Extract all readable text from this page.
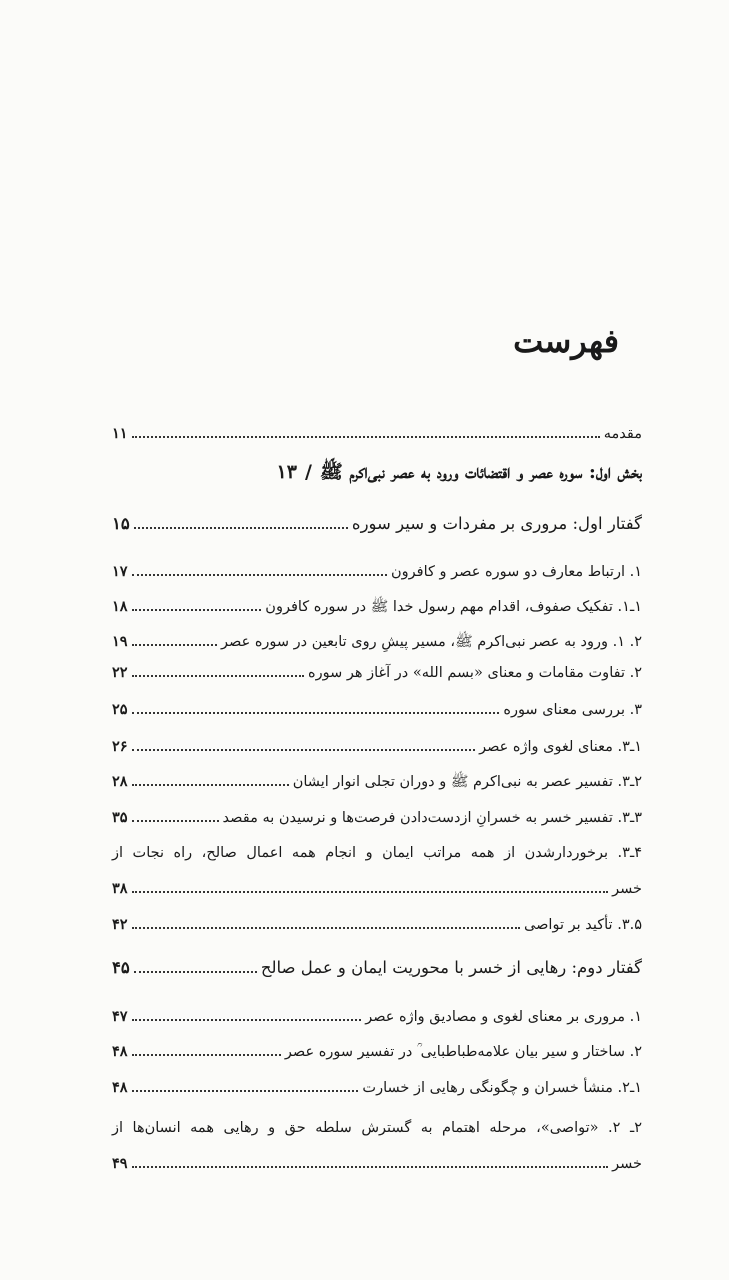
فهرست
مقدمه
۱۱
بخش اول: سوره عصر و اقتضائات ورود به عصر نبی‌اکرم ﷺ
/
۱۳
گفتار اول: مروری بر مفردات و سیر سوره
۱۵
۱. ارتباط معارف دو سوره عصر و کافرون
۱۷
۱ـ۱. تفکیک صفوف، اقدام مهم رسول خدا ﷺ در سوره کافرون
۱۸
۲. ۱. ورود به عصر نبی‌اکرم ﷺ، مسیر پیشِ روی تابعین در سوره عصر
۱۹
۲. تفاوت مقامات و معنای «بسم الله» در آغاز هر سوره
۲۲
۳. بررسی معنای سوره
۲۵
۱ـ۳. معنای لغوی واژه عصر
۲۶
۲ـ۳. تفسیر عصر به نبی‌اکرم ﷺ و دوران تجلی انوار ایشان
۲۸
۳ـ۳. تفسیر خسر به خسرانِ ازدست‌دادن فرصت‌ها و نرسیدن به مقصد
۳۵
۴ـ۳. برخوردارشدن از همه مراتب ایمان و انجام همه اعمال صالح، راه نجات از
خسر
۳۸
۳.۵. تأکید بر تواصی
۴۲
گفتار دوم: رهایی از خسر با محوریت ایمان و عمل صالح
۴۵
۱. مروری بر معنای لغوی و مصادیق واژه عصر
۴۷
۲. ساختار و سیر بیان علامه‌طباطبایی ؒ در تفسیر سوره عصر
۴۸
۱ـ۲. منشأ خسران و چگونگی رهایی از خسارت
۴۸
۲ـ ۲. «تواصی»، مرحله اهتمام به گسترش سلطه حق و رهایی همه انسان‌ها از
خسر
۴۹
